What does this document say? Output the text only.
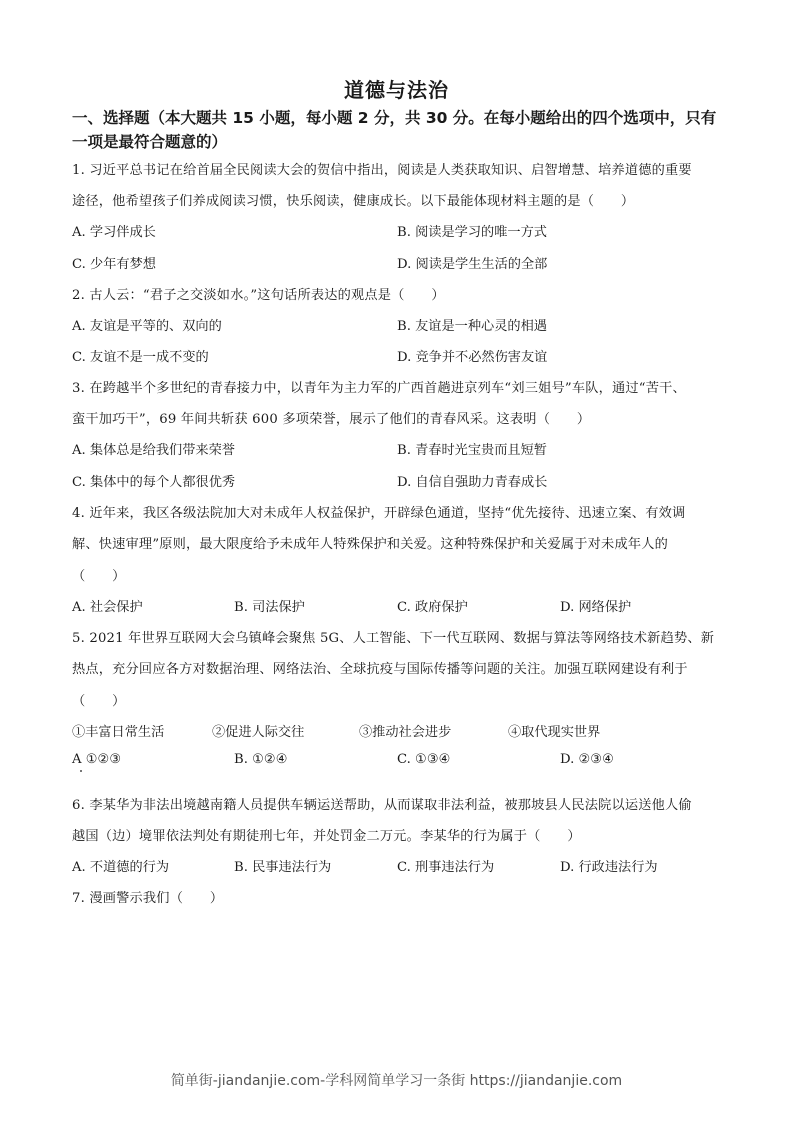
道德与法治
一、选择题（本大题共 15 小题，每小题 2 分，共 30 分。在每小题给出的四个选项中，只有
一项是最符合题意的）
1. 习近平总书记在给首届全民阅读大会的贺信中指出，阅读是人类获取知识、启智增慧、培养道德的重要
途径，他希望孩子们养成阅读习惯，快乐阅读，健康成长。以下最能体现材料主题的是（　　）
A. 学习伴成长	B. 阅读是学习的唯一方式
C. 少年有梦想	D. 阅读是学生生活的全部
2. 古人云：“君子之交淡如水。”这句话所表达的观点是（　　）
A. 友谊是平等的、双向的	B. 友谊是一种心灵的相遇
C. 友谊不是一成不变的	D. 竞争并不必然伤害友谊
3. 在跨越半个多世纪的青春接力中，以青年为主力军的广西首趟进京列车“刘三姐号”车队，通过“苦干、
蛮干加巧干”，69 年间共斩获 600 多项荣誉，展示了他们的青春风采。这表明（　　）
A. 集体总是给我们带来荣誉	B. 青春时光宝贵而且短暂
C. 集体中的每个人都很优秀	D. 自信自强助力青春成长
4. 近年来，我区各级法院加大对未成年人权益保护，开辟绿色通道，坚持“优先接待、迅速立案、有效调
解、快速审理”原则，最大限度给予未成年人特殊保护和关爱。这种特殊保护和关爱属于对未成年人的
（　　）
A. 社会保护	B. 司法保护	C. 政府保护	D. 网络保护
5. 2021 年世界互联网大会乌镇峰会聚焦 5G、人工智能、下一代互联网、数据与算法等网络技术新趋势、新
热点，充分回应各方对数据治理、网络法治、全球抗疫与国际传播等问题的关注。加强互联网建设有利于
（　　）
①丰富日常生活	②促进人际交往	③推动社会进步	④取代现实世界
A ①②③	B. ①②④	C. ①③④	D. ②③④
6. 李某华为非法出境越南籍人员提供车辆运送帮助，从而谋取非法利益，被那坡县人民法院以运送他人偷
越国（边）境罪依法判处有期徒刑七年，并处罚金二万元。李某华的行为属于（　　）
A. 不道德的行为	B. 民事违法行为	C. 刑事违法行为	D. 行政违法行为
7. 漫画警示我们（　　）
简单街-jiandanjie.com-学科网简单学习一条街 https://jiandanjie.com
